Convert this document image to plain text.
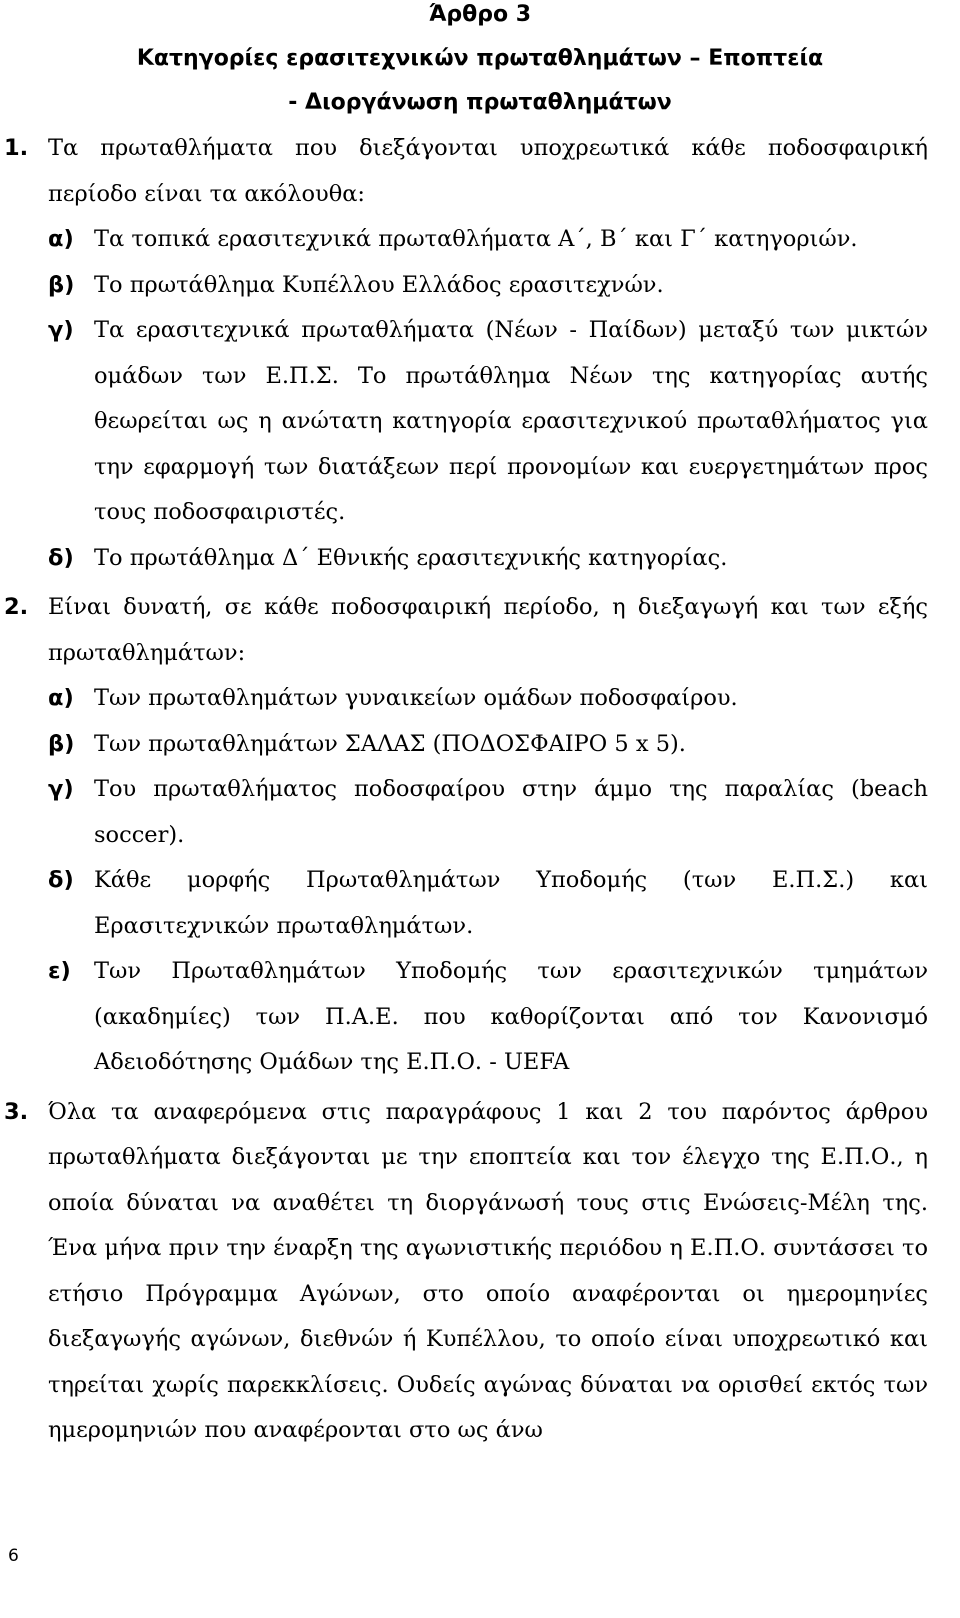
Άρθρο 3
Κατηγορίες ερασιτεχνικών πρωταθλημάτων – Εποπτεία
- Διοργάνωση πρωταθλημάτων
1. Τα πρωταθλήματα που διεξάγονται υποχρεωτικά κάθε ποδοσφαιρική περίοδο είναι τα ακόλουθα:
α) Τα τοπικά ερασιτεχνικά πρωταθλήματα Α΄, Β΄ και Γ΄ κατηγοριών.
β) Το πρωτάθλημα Κυπέλλου Ελλάδος ερασιτεχνών.
γ) Τα ερασιτεχνικά πρωταθλήματα (Νέων - Παίδων) μεταξύ των μικτών ομάδων των Ε.Π.Σ. Το πρωτάθλημα Νέων της κατηγορίας αυτής θεωρείται ως η ανώτατη κατηγορία ερασιτεχνικού πρωταθλήματος για την εφαρμογή των διατάξεων περί προνομίων και ευεργετημάτων προς τους ποδοσφαιριστές.
δ) Το πρωτάθλημα Δ΄ Εθνικής ερασιτεχνικής κατηγορίας.
2. Είναι δυνατή, σε κάθε ποδοσφαιρική περίοδο, η διεξαγωγή και των εξής πρωταθλημάτων:
α) Των πρωταθλημάτων γυναικείων ομάδων ποδοσφαίρου.
β) Των πρωταθλημάτων ΣΑΛΑΣ (ΠΟΔΟΣΦΑΙΡΟ 5 x 5).
γ) Του πρωταθλήματος ποδοσφαίρου στην άμμο της παραλίας (beach soccer).
δ) Κάθε μορφής Πρωταθλημάτων Υποδομής (των Ε.Π.Σ.) και Ερασιτεχνικών πρωταθλημάτων.
ε)	Των Πρωταθλημάτων Υποδομής των ερασιτεχνικών τμημάτων (ακαδημίες) των Π.Α.Ε. που καθορίζονται από τον Κανονισμό Αδειοδότησης Ομάδων της Ε.Π.Ο. - UEFA
3. Όλα τα αναφερόμενα στις παραγράφους 1 και 2 του παρόντος άρθρου πρωταθλήματα διεξάγονται με την εποπτεία και τον έλεγχο της Ε.Π.Ο., η οποία δύναται να αναθέτει τη διοργάνωσή τους στις Ενώσεις-Μέλη της. Ένα μήνα πριν την έναρξη της αγωνιστικής περιόδου η Ε.Π.Ο. συντάσσει το ετήσιο Πρόγραμμα Αγώνων, στο οποίο αναφέρονται οι ημερομηνίες διεξαγωγής αγώνων, διεθνών ή Κυπέλλου, το οποίο είναι υποχρεωτικό και τηρείται χωρίς παρεκκλίσεις. Ουδείς αγώνας δύναται να ορισθεί εκτός των ημερομηνιών που αναφέρονται στο ως άνω
6
